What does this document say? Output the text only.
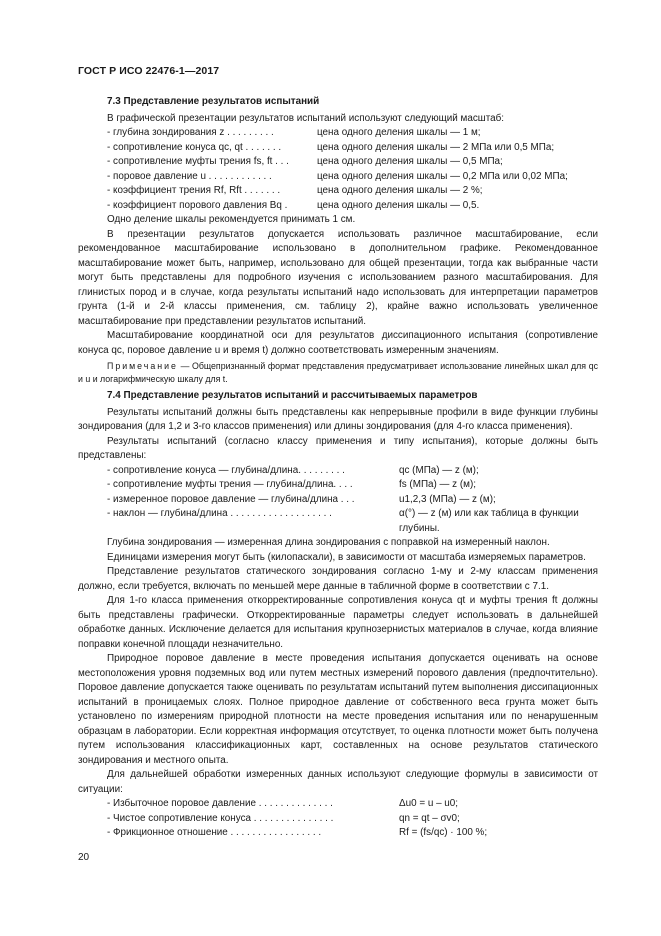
ГОСТ Р ИСО 22476-1—2017
7.3 Представление результатов испытаний

В графической презентации результатов испытаний используют следующий масштаб:

- глубина зондирования z . . . . . . . . .	цена одного деления шкалы — 1 м;
- сопротивление конуса qc, qt . . . . . . .	цена одного деления шкалы — 2 МПа или 0,5 МПа;
- сопротивление муфты трения fs, ft . . .	цена одного деления шкалы — 0,5 МПа;
- поровое давление u . . . . . . . . . . . .	цена одного деления шкалы — 0,2 МПа или 0,02 МПа;
- коэффициент трения Rf, Rft . . . . . . .	цена одного деления шкалы — 2 %;
- коэффициент порового давления Bq .	цена одного деления шкалы — 0,5.

Одно деление шкалы рекомендуется принимать 1 см.

В презентации результатов допускается использовать различное масштабирование, если рекомендованное масштабирование использовано в дополнительном графике. Рекомендованное масштабирование может быть, например, использовано для общей презентации, тогда как выбранные части могут быть представлены для подробного изучения с использованием разного масштабирования. Для глинистых пород и в случае, когда результаты испытаний надо использовать для интерпретации параметров грунта (1-й и 2-й классы применения, см. таблицу 2), крайне важно использовать увеличенное масштабирование при представлении результатов испытаний.

Масштабирование координатной оси для результатов диссипационного испытания (сопротивление конуса qc, поровое давление u и время t) должно соответствовать измеренным значениям.

Примечание — Общепризнанный формат представления предусматривает использование линейных шкал для qc и u и логарифмическую шкалу для t.

7.4 Представление результатов испытаний и рассчитываемых параметров

Результаты испытаний должны быть представлены как непрерывные профили в виде функции глубины зондирования (для 1,2 и 3-го классов применения) или длины зондирования (для 4-го класса применения).

Результаты испытаний (согласно классу применения и типу испытания), которые должны быть представлены:

- сопротивление конуса — глубина/длина. . . . . . . . .	qc (МПа) — z (м);
- сопротивление муфты трения — глубина/длина. . . .	fs (МПа) — z (м);
- измеренное поровое давление — глубина/длина . . .	u1,2,3 (МПа) — z (м);
- наклон — глубина/длина . . . . . . . . . . . . . . . . . . .	α(°) — z (м) или как таблица в функции
глубины.

Глубина зондирования — измеренная длина зондирования с поправкой на измеренный наклон.

Единицами измерения могут быть (килопаскали), в зависимости от масштаба измеряемых параметров.

Представление результатов статического зондирования согласно 1-му и 2-му классам применения должно, если требуется, включать по меньшей мере данные в табличной форме в соответствии с 7.1.

Для 1-го класса применения откорректированные сопротивления конуса qt и муфты трения ft должны быть представлены графически. Откорректированные параметры следует использовать в дальнейшей обработке данных. Исключение делается для испытания крупнозернистых материалов в случае, когда влияние поправки конечной площади незначительно.

Природное поровое давление в месте проведения испытания допускается оценивать на основе местоположения уровня подземных вод или путем местных измерений порового давления (предпочтительно). Поровое давление допускается также оценивать по результатам испытаний путем выполнения диссипационных испытаний в проницаемых слоях. Полное природное давление от собственного веса грунта может быть установлено по измерениям природной плотности на месте проведения испытания или по ненарушенным образцам в лаборатории. Если корректная информация отсутствует, то оценка плотности может быть получена путем использования классификационных карт, составленных на основе результатов статического зондирования и местного опыта.

Для дальнейшей обработки измеренных данных используют следующие формулы в зависимости от ситуации:

- Избыточное поровое давление . . . . . . . . . . . . . .	Δu0 = u – u0;
- Чистое сопротивление конуса . . . . . . . . . . . . . . .	qn = qt – σv0;
- Фрикционное отношение . . . . . . . . . . . . . . . . .	Rf = (fs/qc) · 100 %;
20
